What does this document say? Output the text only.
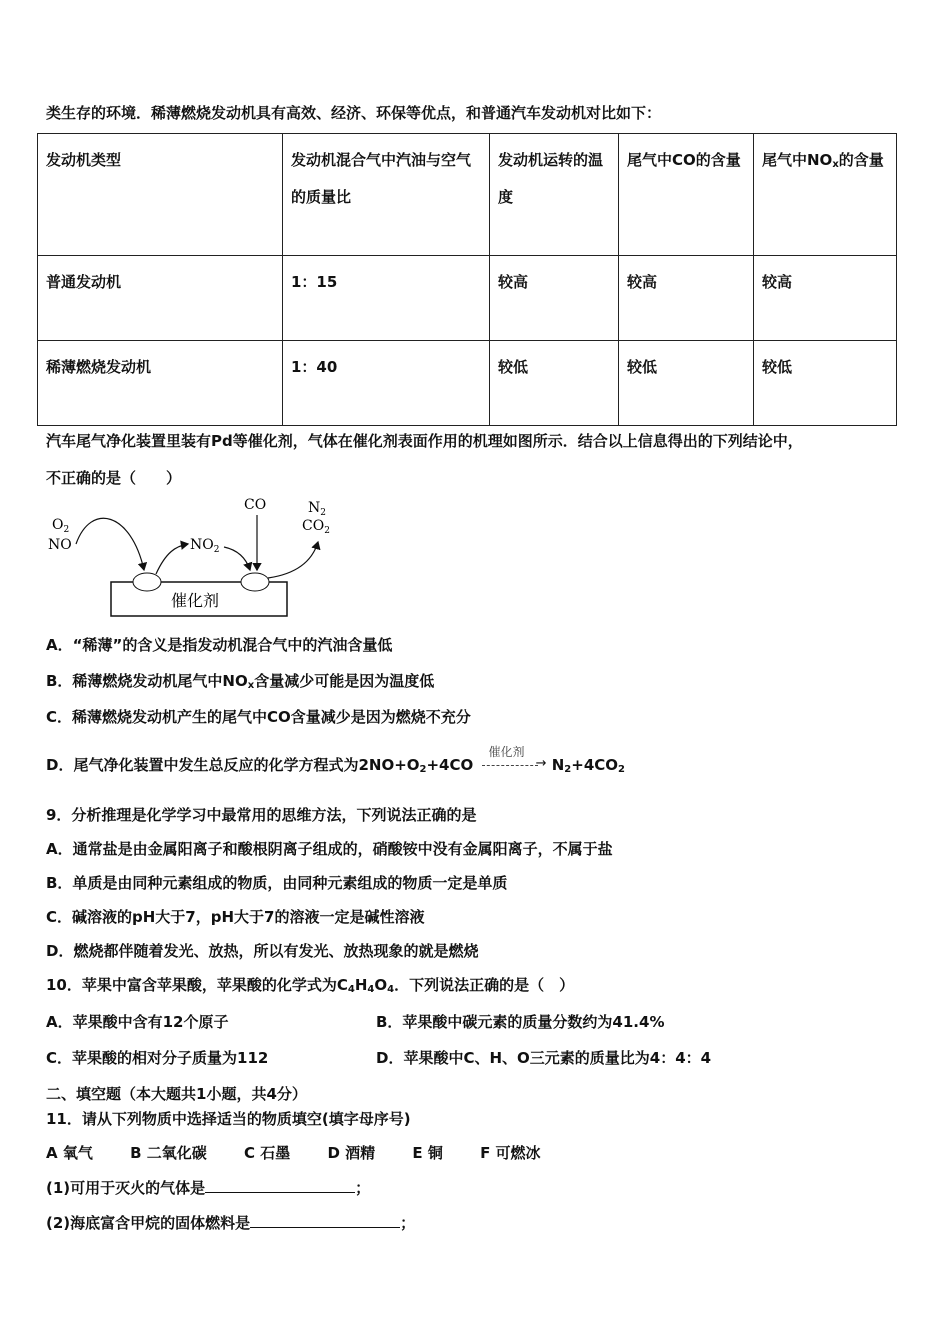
类生存的环境．稀薄燃烧发动机具有高效、经济、环保等优点，和普通汽车发动机对比如下：
发动机类型	发动机混合气中汽油与空气的质量比	发动机运转的温度	尾气中CO的含量	尾气中$NO_x$的含量
普通发动机	1：15	较高	较高	较高
稀薄燃烧发动机	1：40	较低	较低	较低
汽车尾气净化装置里装有Pd等催化剂，气体在催化剂表面作用的机理如图所示．结合以上信息得出的下列结论中，
不正确的是（　　）
催化剂
$O_2$
NO	$NO_2$
CO	$N_2$
$CO_2$
A．“稀薄”的含义是指发动机混合气中的汽油含量低
B．稀薄燃烧发动机尾气中$NO_x$含量减少可能是因为温度低
C．稀薄燃烧发动机产生的尾气中CO含量减少是因为燃烧不充分
D．尾气净化装置中发生总反应的化学方程式为$2NO+O_2+4CO$
催化剂
→
$N_2+4CO_2$
9．分析推理是化学学习中最常用的思维方法，下列说法正确的是
A．通常盐是由金属阳离子和酸根阴离子组成的，硝酸铵中没有金属阳离子，不属于盐
B．单质是由同种元素组成的物质，由同种元素组成的物质一定是单质
C．碱溶液的pH大于7，pH大于7的溶液一定是碱性溶液
D．燃烧都伴随着发光、放热，所以有发光、放热现象的就是燃烧
10．苹果中富含苹果酸，苹果酸的化学式为$C_4H_4O_4$．下列说法正确的是（　）
A．苹果酸中含有12个原子	B．苹果酸中碳元素的质量分数约为41.4%
C．苹果酸的相对分子质量为112	D．苹果酸中C、H、O三元素的质量比为4：4：4
二、填空题（本大题共1小题，共4分）
11．请从下列物质中选择适当的物质填空(填字母序号)
A 氧气 B 二氧化碳 C 石墨 D 酒精 E 铜 F 可燃冰
(1)可用于灭火的气体是	；
(2)海底富含甲烷的固体燃料是	；
